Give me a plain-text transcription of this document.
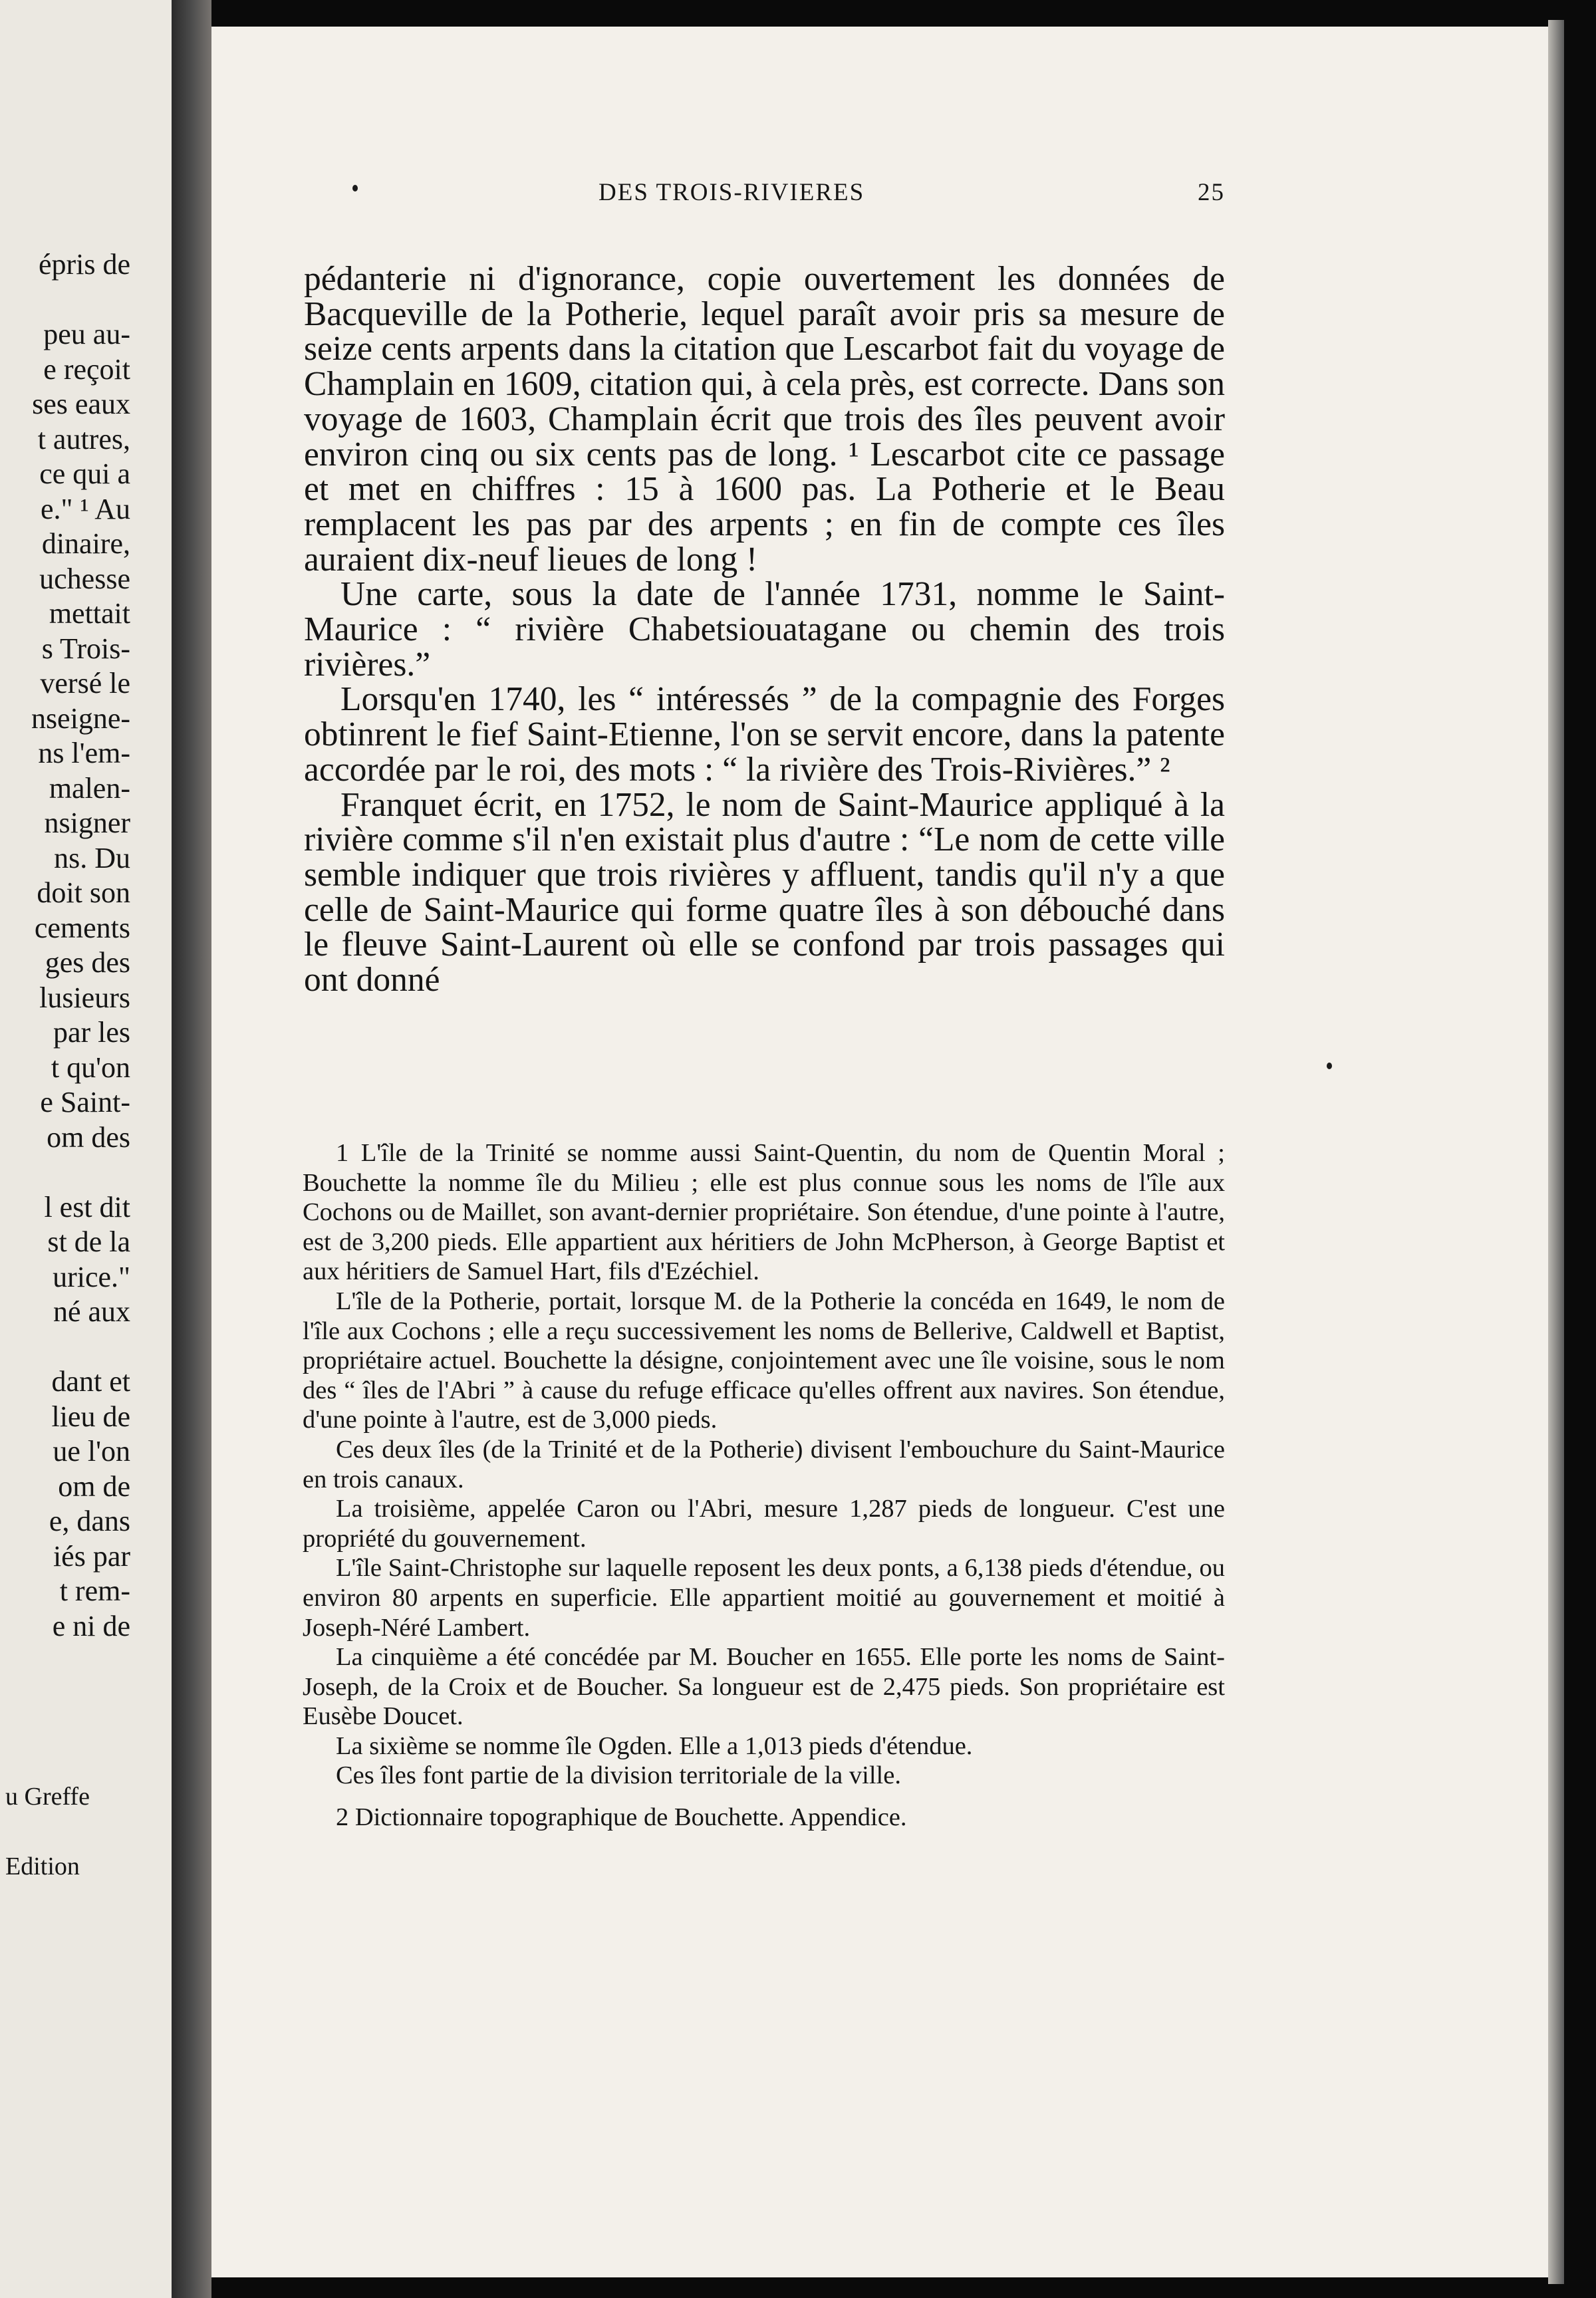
épris de

peu au-
e reçoit
ses eaux
t autres,
ce qui a
e." ¹ Au
dinaire,
uchesse
mettait
s Trois-
versé le
nseigne-
ns l'em-
malen-
nsigner
ns. Du
doit son
cements
ges des
lusieurs
par les
t qu'on
e Saint-
om des

l est dit
st de la
urice."
né aux

dant et
lieu de
ue l'on
om de
e, dans
iés par
t rem-
e ni de
u Greffe
Edition
DES TROIS-RIVIERES	25

pédanterie ni d'ignorance, copie ouvertement les données de Bacqueville de la Potherie, lequel paraît avoir pris sa mesure de seize cents arpents dans la citation que Lescarbot fait du voyage de Champlain en 1609, citation qui, à cela près, est correcte. Dans son voyage de 1603, Champlain écrit que trois des îles peuvent avoir environ cinq ou six cents pas de long. ¹ Lescarbot cite ce passage et met en chiffres : 15 à 1600 pas. La Potherie et le Beau remplacent les pas par des arpents ; en fin de compte ces îles auraient dix-neuf lieues de long !

Une carte, sous la date de l'année 1731, nomme le Saint-Maurice : “ rivière Chabetsiouatagane ou chemin des trois rivières.”

Lorsqu'en 1740, les “ intéressés ” de la compagnie des Forges obtinrent le fief Saint-Etienne, l'on se servit encore, dans la patente accordée par le roi, des mots : “ la rivière des Trois-Rivières.” ²

Franquet écrit, en 1752, le nom de Saint-Maurice appliqué à la rivière comme s'il n'en existait plus d'autre : “Le nom de cette ville semble indiquer que trois rivières y affluent, tandis qu'il n'y a que celle de Saint-Maurice qui forme quatre îles à son débouché dans le fleuve Saint-Laurent où elle se confond par trois passages qui ont donné

1 L'île de la Trinité se nomme aussi Saint-Quentin, du nom de Quentin Moral ; Bouchette la nomme île du Milieu ; elle est plus connue sous les noms de l'île aux Cochons ou de Maillet, son avant-dernier propriétaire. Son étendue, d'une pointe à l'autre, est de 3,200 pieds. Elle appartient aux héritiers de John McPherson, à George Baptist et aux héritiers de Samuel Hart, fils d'Ezéchiel.

L'île de la Potherie, portait, lorsque M. de la Potherie la concéda en 1649, le nom de l'île aux Cochons ; elle a reçu successivement les noms de Bellerive, Caldwell et Baptist, propriétaire actuel. Bouchette la désigne, conjointement avec une île voisine, sous le nom des “ îles de l'Abri ” à cause du refuge efficace qu'elles offrent aux navires. Son étendue, d'une pointe à l'autre, est de 3,000 pieds.

Ces deux îles (de la Trinité et de la Potherie) divisent l'embouchure du Saint-Maurice en trois canaux.

La troisième, appelée Caron ou l'Abri, mesure 1,287 pieds de longueur. C'est une propriété du gouvernement.

L'île Saint-Christophe sur laquelle reposent les deux ponts, a 6,138 pieds d'étendue, ou environ 80 arpents en superficie. Elle appartient moitié au gouvernement et moitié à Joseph-Néré Lambert.

La cinquième a été concédée par M. Boucher en 1655. Elle porte les noms de Saint-Joseph, de la Croix et de Boucher. Sa longueur est de 2,475 pieds. Son propriétaire est Eusèbe Doucet.

La sixième se nomme île Ogden. Elle a 1,013 pieds d'étendue.

Ces îles font partie de la division territoriale de la ville.

2 Dictionnaire topographique de Bouchette. Appendice.
